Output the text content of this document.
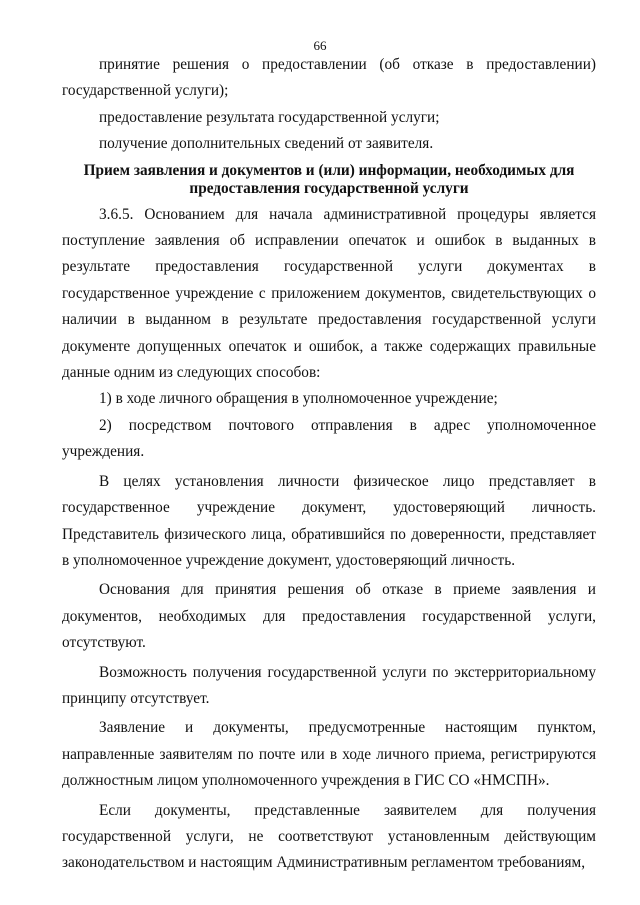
66

принятие решения о предоставлении (об отказе в предоставлении) государственной услуги);

предоставление результата государственной услуги;

получение дополнительных сведений от заявителя.

Прием заявления и документов и (или) информации, необходимых для предоставления государственной услуги

3.6.5. Основанием для начала административной процедуры является поступление заявления об исправлении опечаток и ошибок в выданных в результате предоставления государственной услуги документах в государственное учреждение с приложением документов, свидетельствующих о наличии в выданном в результате предоставления государственной услуги документе допущенных опечаток и ошибок, а также содержащих правильные данные одним из следующих способов:

1) в ходе личного обращения в уполномоченное учреждение;

2) посредством почтового отправления в адрес уполномоченное учреждения.

В целях установления личности физическое лицо представляет в государственное учреждение документ, удостоверяющий личность. Представитель физического лица, обратившийся по доверенности, представляет в уполномоченное учреждение документ, удостоверяющий личность.

Основания для принятия решения об отказе в приеме заявления и документов, необходимых для предоставления государственной услуги, отсутствуют.

Возможность получения государственной услуги по экстерриториальному принципу отсутствует.

Заявление и документы, предусмотренные настоящим пунктом, направленные заявителям по почте или в ходе личного приема, регистрируются должностным лицом уполномоченного учреждения в ГИС СО «НМСПН».

Если документы, представленные заявителем для получения государственной услуги, не соответствуют установленным действующим законодательством и настоящим Административным регламентом требованиям,
